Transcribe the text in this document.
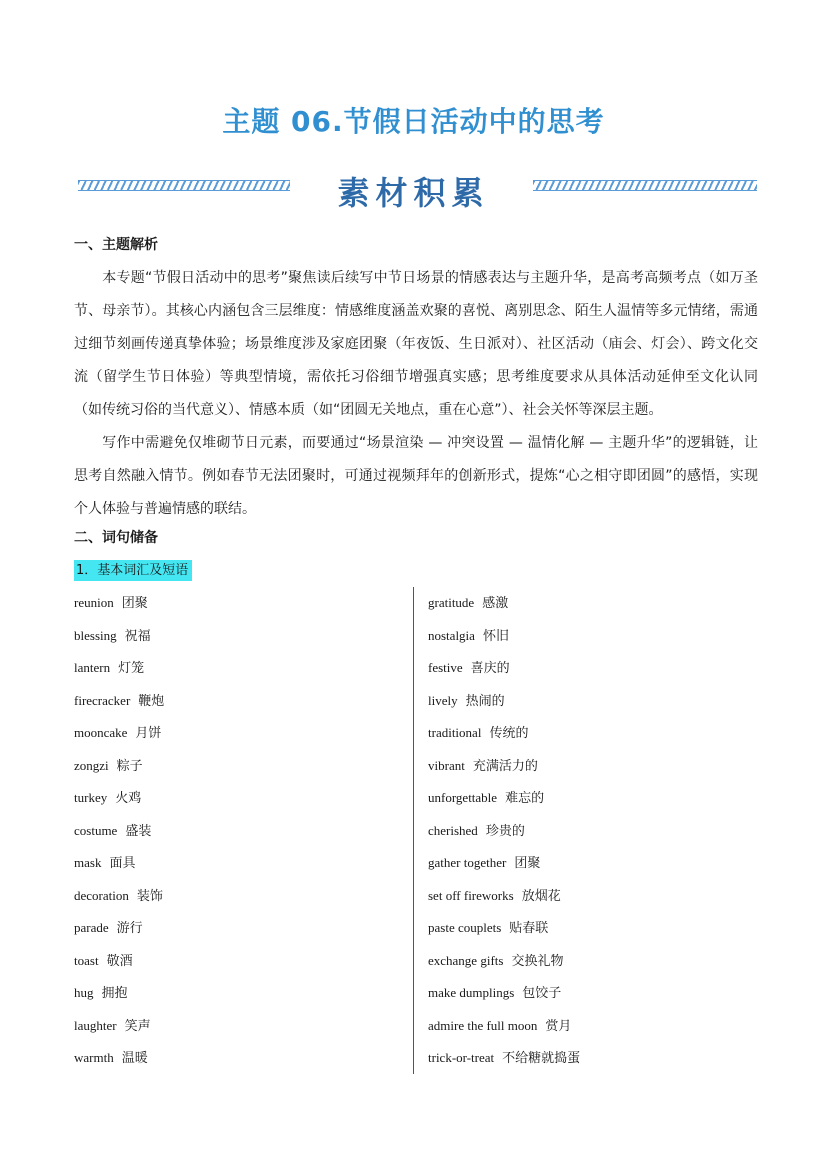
主题 06.节假日活动中的思考
素材积累
一、主题解析

本专题“节假日活动中的思考”聚焦读后续写中节日场景的情感表达与主题升华，是高考高频考点（如万圣节、母亲节）。其核心内涵包含三层维度：情感维度涵盖欢聚的喜悦、离别思念、陌生人温情等多元情绪，需通过细节刻画传递真挚体验；场景维度涉及家庭团聚（年夜饭、生日派对）、社区活动（庙会、灯会）、跨文化交流（留学生节日体验）等典型情境，需依托习俗细节增强真实感；思考维度要求从具体活动延伸至文化认同（如传统习俗的当代意义）、情感本质（如“团圆无关地点，重在心意”）、社会关怀等深层主题。

写作中需避免仅堆砌节日元素，而要通过“场景渲染 — 冲突设置 — 温情化解 — 主题升华”的逻辑链，让思考自然融入情节。例如春节无法团聚时，可通过视频拜年的创新形式，提炼“心之相守即团圆”的感悟，实现个人体验与普遍情感的联结。

二、词句储备
1．基本词汇及短语
reunion 团聚
blessing 祝福
lantern 灯笼
firecracker 鞭炮
mooncake 月饼
zongzi 粽子
turkey 火鸡
costume 盛装
mask 面具
decoration 装饰
parade 游行
toast 敬酒
hug 拥抱
laughter 笑声
warmth 温暖
gratitude 感激
nostalgia 怀旧
festive 喜庆的
lively 热闹的
traditional 传统的
vibrant 充满活力的
unforgettable 难忘的
cherished 珍贵的
gather together 团聚
set off fireworks 放烟花
paste couplets 贴春联
exchange gifts 交换礼物
make dumplings 包饺子
admire the full moon 赏月
trick-or-treat 不给糖就捣蛋
